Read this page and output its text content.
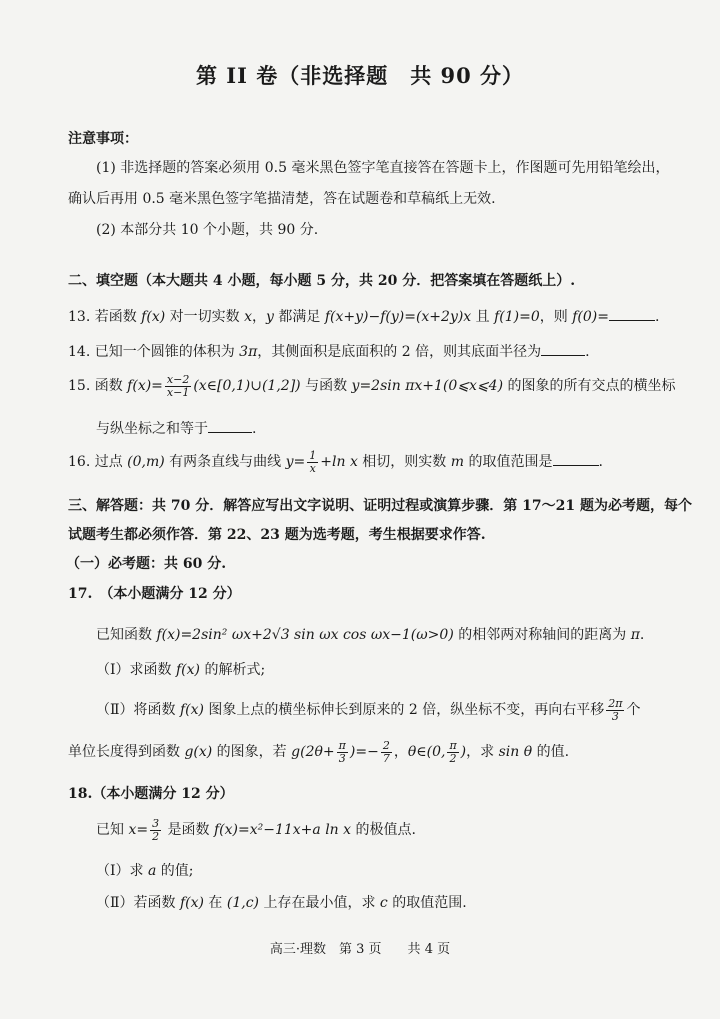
第 II 卷（非选择题　共 90 分）
注意事项：
(1) 非选择题的答案必须用 0.5 毫米黑色签字笔直接答在答题卡上，作图题可先用铅笔绘出，
确认后再用 0.5 毫米黑色签字笔描清楚，答在试题卷和草稿纸上无效.
(2) 本部分共 10 个小题，共 90 分.
二、填空题（本大题共 4 小题，每小题 5 分，共 20 分．把答案填在答题纸上）.
13. 若函数 f(x) 对一切实数 x，y 都满足 f(x+y)−f(y)=(x+2y)x 且 f(1)=0，则 f(0)=	.
14. 已知一个圆锥的体积为 3π，其侧面积是底面积的 2 倍，则其底面半径为	.
15. 函数 $f(x)= \frac{x-2}{x-1}$ (x∈[0,1)∪(1,2]) 与函数 y=2sin πx+1(0⩽x⩽4) 的图象的所有交点的横坐标
与纵坐标之和等于	.
16. 过点 (0,m) 有两条直线与曲线 $y= \frac{1}{x} +\ln$ x 相切，则实数 m 的取值范围是	.
三、解答题：共 70 分．解答应写出文字说明、证明过程或演算步骤．第 17～21 题为必考题，每个
试题考生都必须作答．第 22、23 题为选考题，考生根据要求作答.
（一）必考题：共 60 分.
17.　（本小题满分 12 分）
已知函数 f(x)=2sin² ωx+2√3 sin ωx cos ωx−1(ω>0) 的相邻两对称轴间的距离为 π.
（Ⅰ）求函数 f(x) 的解析式;
（Ⅱ）将函数 f(x) 图象上点的横坐标伸长到原来的 2 倍，纵坐标不变，再向右平移 $\frac{2\pi}{3}$ 个
单位长度得到函数 g(x) 的图象，若 $g(2\theta+ \frac{\pi}{3}$ )=− $\frac{2}{7}$ ，θ∈(0, $\frac{\pi}{2}$ )，求 sin θ 的值.
18.（本小题满分 12 分）
已知 $x= \frac{3}{2}$ 是函数 f(x)=x²−11x+a ln x 的极值点.
（Ⅰ）求 a 的值;
（Ⅱ）若函数 f(x) 在 (1,c) 上存在最小值，求 c 的取值范围.
高三·理数　第 3 页　　共 4 页
